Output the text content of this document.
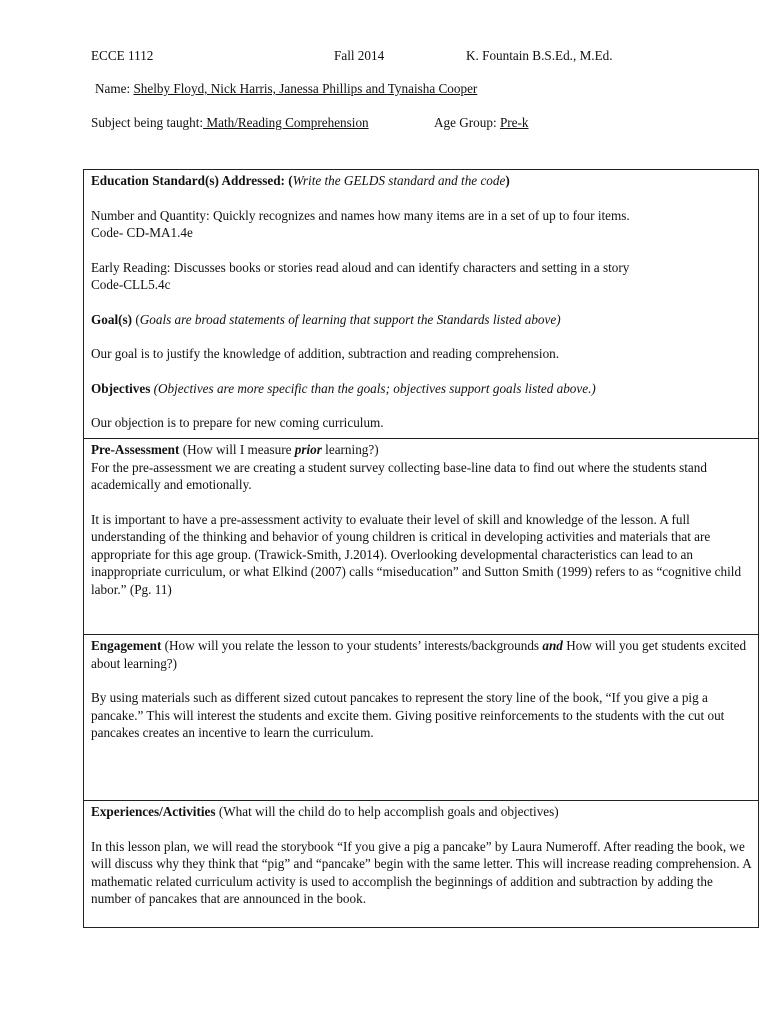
ECCE 1112	Fall 2014	K. Fountain B.S.Ed., M.Ed.
Name: Shelby Floyd, Nick Harris, Janessa Phillips and Tynaisha Cooper
Subject being taught: Math/Reading Comprehension	Age Group: Pre-k

Education Standard(s) Addressed: (Write the GELDS standard and the code)

Number and Quantity: Quickly recognizes and names how many items are in a set of up to four items.

Code- CD-MA1.4e

Early Reading: Discusses books or stories read aloud and can identify characters and setting in a story

Code-CLL5.4c

Goal(s) (Goals are broad statements of learning that support the Standards listed above)

Our goal is to justify the knowledge of addition, subtraction and reading comprehension.

Objectives (Objectives are more specific than the goals; objectives support goals listed above.)

Our objection is to prepare for new coming curriculum.

Pre-Assessment (How will I measure prior learning?)

For the pre-assessment we are creating a student survey collecting base-line data to find out where the students stand academically and emotionally.

It is important to have a pre-assessment activity to evaluate their level of skill and knowledge of the lesson. A full understanding of the thinking and behavior of young children is critical in developing activities and materials that are appropriate for this age group. (Trawick-Smith, J.2014). Overlooking developmental characteristics can lead to an inappropriate curriculum, or what Elkind (2007) calls “miseducation” and Sutton Smith (1999) refers to as “cognitive child labor.” (Pg. 11)

Engagement (How will you relate the lesson to your students’ interests/backgrounds and How will you get students excited about learning?)

By using materials such as different sized cutout pancakes to represent the story line of the book, “If you give a pig a pancake.” This will interest the students and excite them. Giving positive reinforcements to the students with the cut out pancakes creates an incentive to learn the curriculum.

Experiences/Activities (What will the child do to help accomplish goals and objectives)

In this lesson plan, we will read the storybook “If you give a pig a pancake” by Laura Numeroff. After reading the book, we will discuss why they think that “pig” and “pancake” begin with the same letter. This will increase reading comprehension. A mathematic related curriculum activity is used to accomplish the beginnings of addition and subtraction by adding the number of pancakes that are announced in the book.
